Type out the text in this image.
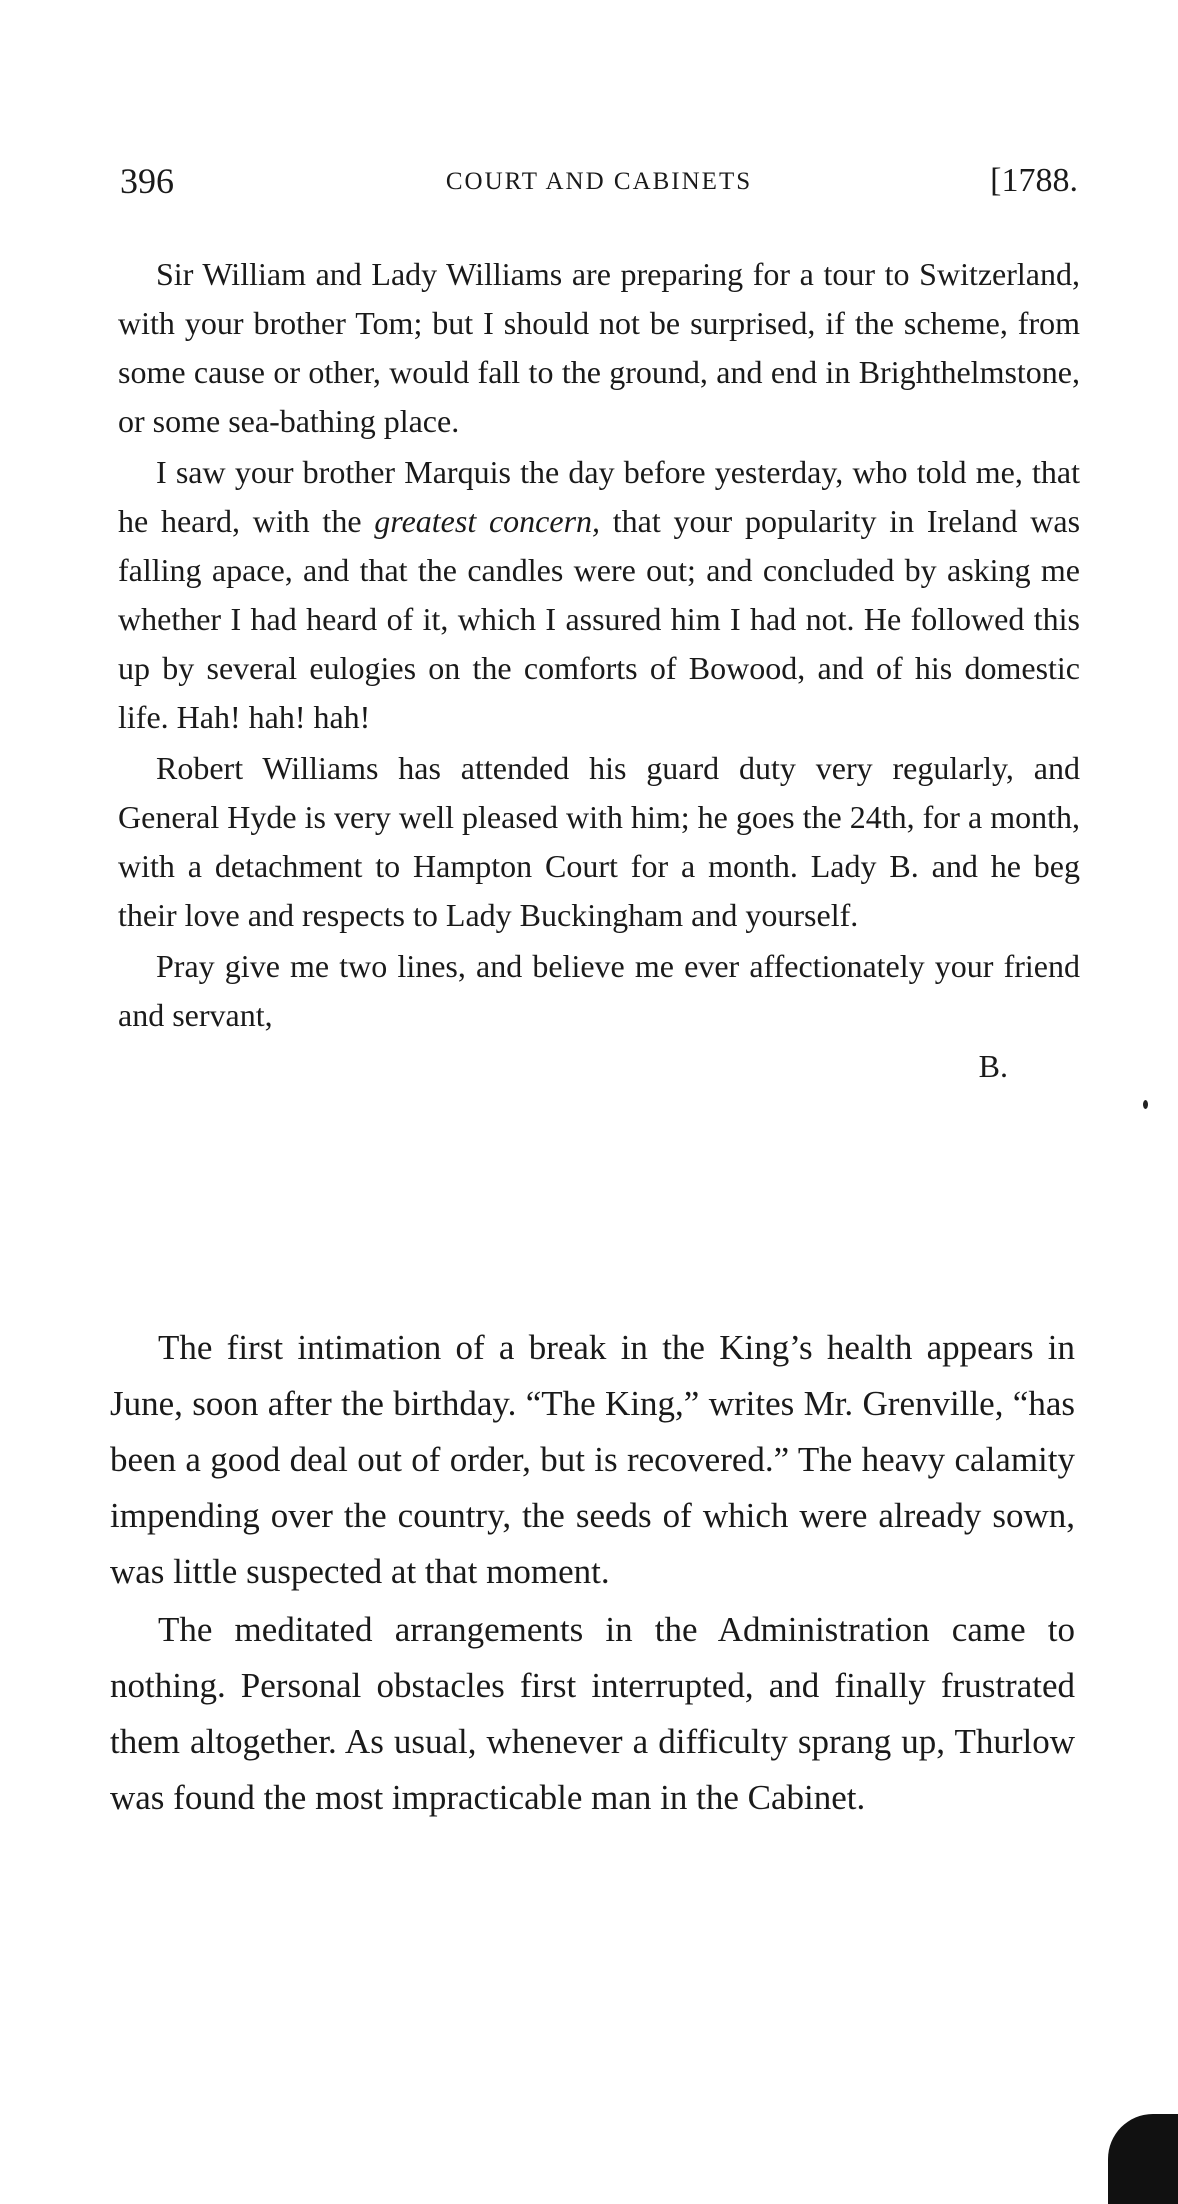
396	COURT AND CABINETS	[1788.

Sir William and Lady Williams are preparing for a tour to Switzerland, with your brother Tom; but I should not be surprised, if the scheme, from some cause or other, would fall to the ground, and end in Brighthelmstone, or some sea-bathing place.

I saw your brother Marquis the day before yesterday, who told me, that he heard, with the greatest concern, that your popularity in Ireland was falling apace, and that the candles were out; and concluded by asking me whether I had heard of it, which I assured him I had not. He followed this up by several eulogies on the comforts of Bowood, and of his domestic life. Hah! hah! hah!

Robert Williams has attended his guard duty very regularly, and General Hyde is very well pleased with him; he goes the 24th, for a month, with a detachment to Hampton Court for a month. Lady B. and he beg their love and respects to Lady Buckingham and yourself.

Pray give me two lines, and believe me ever affectionately your friend and servant,

B.

The first intimation of a break in the King’s health appears in June, soon after the birthday. “The King,” writes Mr. Grenville, “has been a good deal out of order, but is recovered.” The heavy calamity impending over the country, the seeds of which were already sown, was little suspected at that moment.

The meditated arrangements in the Administration came to nothing. Personal obstacles first interrupted, and finally frustrated them altogether. As usual, whenever a difficulty sprang up, Thurlow was found the most impracticable man in the Cabinet.
